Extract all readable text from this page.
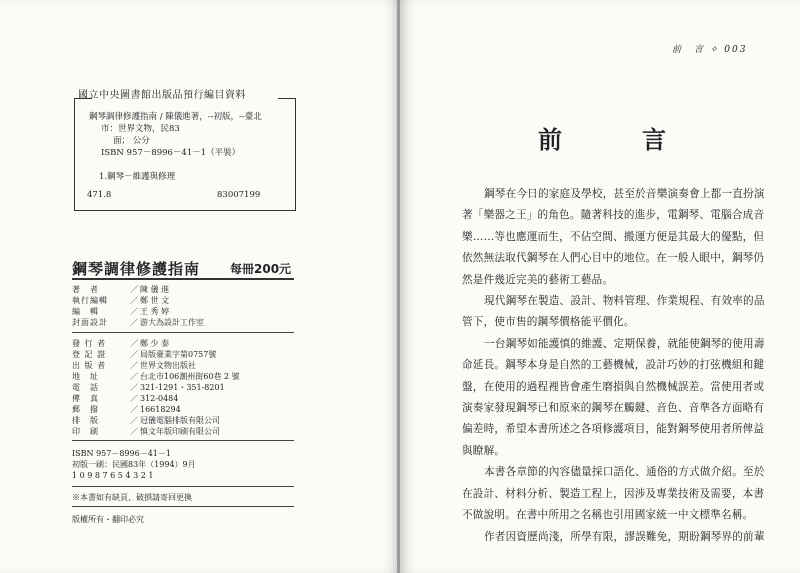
國立中央圖書館出版品預行編目資料
鋼琴調律修護指南 / 陳儀進著，--初版，--臺北
市：世界文物，民83
面； 公分
ISBN 957－8996－41－1（平裝）
1.鋼琴－維護與修理
471.8	83007199
鋼琴調律修護指南 每冊200元
著　者	／ 陳 儀 進
執行編輯	／ 鄭 世 文
編　輯	／ 王 秀 婷
封面設計	／ 游大為設計工作室
發 行 者	／ 鄭 少 泰
登 記 證	／ 局版臺業字第0757號
出 版 者	／ 世界文物出版社
地　址	／ 台北市106潮州街60巷 2 號
電　話	／ 321-1291・351-8201
傳　真	／ 312-0484
郵　撥	／ 16618294
排　版	／ 冠儀電腦排版有限公司
印　刷	／ 慎文年版印刷有限公司
ISBN 957－8996－41－1
初版一刷：民國83年（1994）9月
1 0 9 8 7 6 5 4 3 2 1
※本書如有缺頁、破損請寄回更換
版權所有・翻印必究
前　言 ✧ 003
前　言
鋼琴在今日的家庭及學校，甚至於音樂演奏會上都一直扮演
著「樂器之王」的角色。隨著科技的進步，電鋼琴、電腦合成音
樂……等也應運而生，不佔空間、搬運方便是其最大的優點，但
依然無法取代鋼琴在人們心目中的地位。在一般人眼中，鋼琴仍
然是件幾近完美的藝術工藝品。
現代鋼琴在製造、設計、物料管理、作業規程、有效率的品
管下，使市售的鋼琴價格能平價化。
一台鋼琴如能護慎的維護、定期保養，就能使鋼琴的使用壽
命延長。鋼琴本身是自然的工藝機械，設計巧妙的打弦機組和鍵
盤，在使用的過程裡皆會產生磨損與自然機械誤差。當使用者或
演奏家發現鋼琴已和原來的鋼琴在觸鍵、音色、音準各方面略有
偏差時，希望本書所述之各項修護項目，能對鋼琴使用者所俾益
與瞭解。
本書各章節的內容儘量採口語化、通俗的方式做介紹。至於
在設計、材料分析、製造工程上，因涉及專業技術及需要，本書
不做說明。在書中所用之名稱也引用國家統一中文標準名稱。
作者因資歷尚淺，所學有限，謬誤難免，期盼鋼琴界的前輩
